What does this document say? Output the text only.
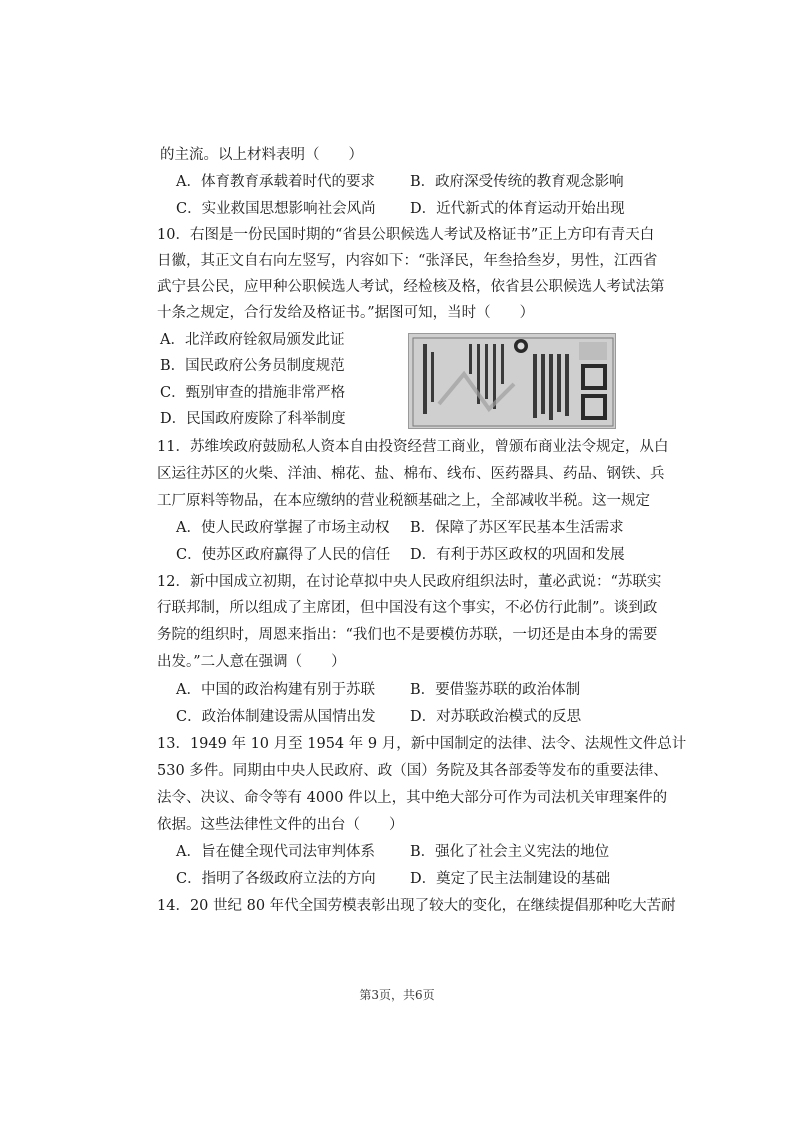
的主流。以上材料表明（　　）
A．体育教育承载着时代的要求 B．政府深受传统的教育观念影响
C．实业救国思想影响社会风尚 D．近代新式的体育运动开始出现
10．右图是一份民国时期的“省县公职候选人考试及格证书”正上方印有青天白
日徽，其正文自右向左竖写，内容如下：“张泽民，年叁拾叁岁，男性，江西省
武宁县公民，应甲种公职候选人考试，经检核及格，依省县公职候选人考试法第
十条之规定，合行发给及格证书。”据图可知，当时（　　）
A．北洋政府铨叙局颁发此证
B．国民政府公务员制度规范
C．甄别审查的措施非常严格
D．民国政府废除了科举制度
11．苏维埃政府鼓励私人资本自由投资经营工商业，曾颁布商业法令规定，从白
区运往苏区的火柴、洋油、棉花、盐、棉布、线布、医药器具、药品、钢铁、兵
工厂原料等物品，在本应缴纳的营业税额基础之上，全部减收半税。这一规定
A．使人民政府掌握了市场主动权 B．保障了苏区军民基本生活需求
C．使苏区政府赢得了人民的信任 D．有利于苏区政权的巩固和发展
12．新中国成立初期，在讨论草拟中央人民政府组织法时，董必武说：“苏联实
行联邦制，所以组成了主席团，但中国没有这个事实，不必仿行此制”。谈到政
务院的组织时，周恩来指出：“我们也不是要模仿苏联，一切还是由本身的需要
出发。”二人意在强调（　　）
A．中国的政治构建有别于苏联 B．要借鉴苏联的政治体制
C．政治体制建设需从国情出发 D．对苏联政治模式的反思
13．1949 年 10 月至 1954 年 9 月，新中国制定的法律、法令、法规性文件总计
530 多件。同期由中央人民政府、政（国）务院及其各部委等发布的重要法律、
法令、决议、命令等有 4000 件以上，其中绝大部分可作为司法机关审理案件的
依据。这些法律性文件的出台（　　）
A．旨在健全现代司法审判体系 B．强化了社会主义宪法的地位
C．指明了各级政府立法的方向 D．奠定了民主法制建设的基础
14．20 世纪 80 年代全国劳模表彰出现了较大的变化，在继续提倡那种吃大苦耐
第3页，共6页
